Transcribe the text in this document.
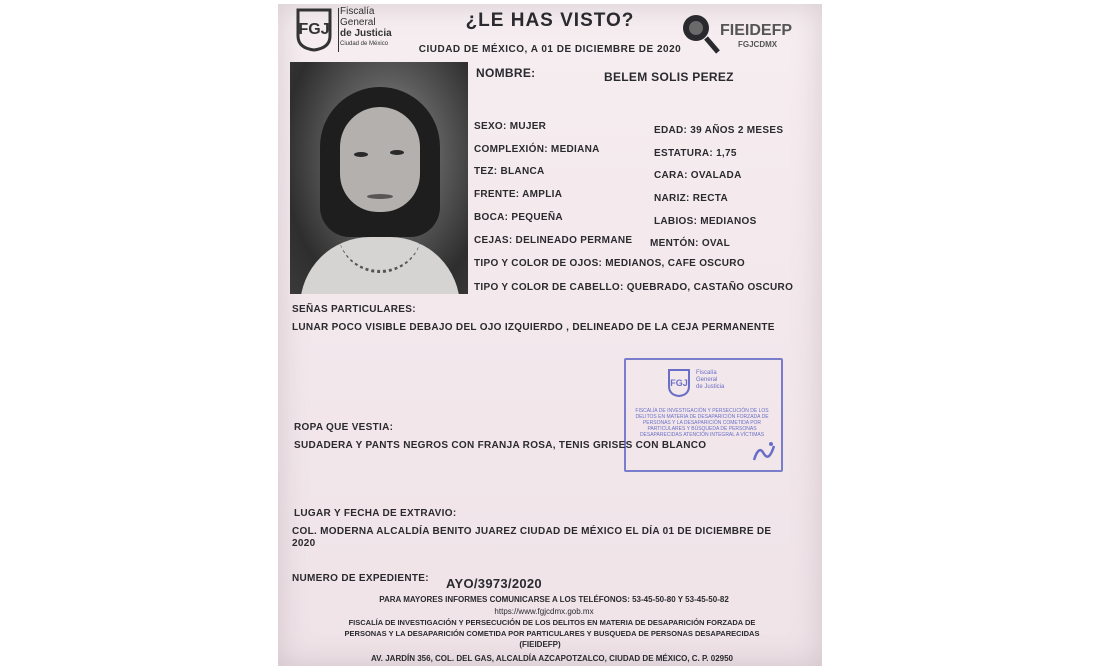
FGJ
Fiscalía
General
de Justicia
Ciudad de México
¿LE HAS VISTO?
CIUDAD DE MÉXICO, A 01 DE DICIEMBRE DE 2020
FIEIDEFP
FGJCDMX
NOMBRE:	BELEM SOLIS PEREZ
SEXO: MUJER
COMPLEXIÓN: MEDIANA
TEZ: BLANCA
FRENTE: AMPLIA
BOCA: PEQUEÑA
CEJAS: DELINEADO PERMANE
EDAD: 39 AÑOS 2 MESES
ESTATURA: 1,75
CARA: OVALADA
NARIZ: RECTA
LABIOS: MEDIANOS
MENTÓN: OVAL
TIPO Y COLOR DE OJOS: MEDIANOS, CAFE OSCURO
TIPO Y COLOR DE CABELLO: QUEBRADO, CASTAÑO OSCURO
SEÑAS PARTICULARES:
LUNAR POCO VISIBLE DEBAJO DEL OJO IZQUIERDO , DELINEADO DE LA CEJA PERMANENTE
FGJ
Fiscalía
General
de Justicia
FISCALÍA DE INVESTIGACIÓN Y PERSECUCIÓN DE LOS DELITOS EN MATERIA DE DESAPARICIÓN FORZADA DE PERSONAS Y LA DESAPARICIÓN COMETIDA POR PARTICULARES Y BÚSQUEDA DE PERSONAS DESAPARECIDAS ATENCIÓN INTEGRAL A VÍCTIMAS
ROPA QUE VESTIA:
SUDADERA Y PANTS NEGROS CON FRANJA ROSA, TENIS GRISES CON BLANCO
LUGAR Y FECHA DE EXTRAVIO:
COL. MODERNA ALCALDÍA BENITO JUAREZ CIUDAD DE MÉXICO EL DÍA 01 DE DICIEMBRE DE
2020
NUMERO DE EXPEDIENTE: AYO/3973/2020
PARA MAYORES INFORMES COMUNICARSE A LOS TELÉFONOS: 53-45-50-80 Y 53-45-50-82
https://www.fgjcdmx.gob.mx
FISCALÍA DE INVESTIGACIÓN Y PERSECUCIÓN DE LOS DELITOS EN MATERIA DE DESAPARICIÓN FORZADA DE
PERSONAS Y LA DESAPARICIÓN COMETIDA POR PARTICULARES Y BUSQUEDA DE PERSONAS DESAPARECIDAS
(FIEIDEFP)
AV. JARDÍN 356, COL. DEL GAS, ALCALDÍA AZCAPOTZALCO, CIUDAD DE MÉXICO, C. P. 02950
